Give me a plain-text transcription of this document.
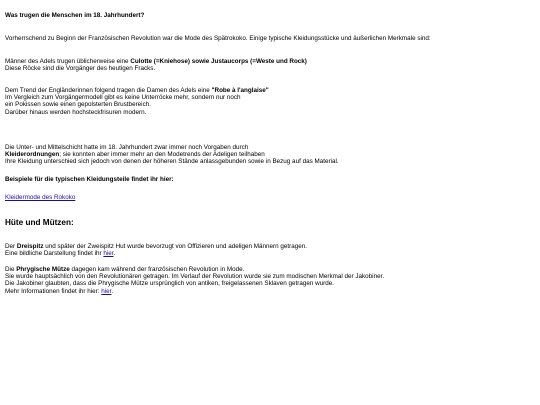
Was trugen die Menschen im 18. Jahrhundert?

Vorherrschend zu Beginn der Französischen Revolution war die Mode des Spätrokoko. Einige typische Kleidungsstücke und äußerlichen Merkmale sind:

Männer des Adels trugen üblicherweise eine Culotte (=Kniehose) sowie Justaucorps (=Weste und Rock)

Diese Röcke sind die Vorgänger des heutigen Fracks.

Dem Trend der Engländerinnen folgend tragen die Damen des Adels eine "Robe à l'anglaise"

Im Vergleich zum Vorgängermodell gibt es keine Unterröcke mehr, sondern nur noch

ein Pokissen sowie einen gepolsterten Brustbereich.

Darüber hinaus werden hochsteckfrisuren modern.

Die Unter- und Mittelschicht hatte im 18. Jahrhundert zwar immer noch Vorgaben durch

Kleiderordnungen; sie konnten aber immer mehr an den Modetrends der Adeligen teilhaben

Ihre Kleidung unterschied sich jedoch von denen der höheren Stände anlassgebunden sowie in Bezug auf das Material.

Beispiele für die typischen Kleidungsteile findet ihr hier:

Kleidermode des Rokoko

Hüte und Mützen:

Der Dreispitz und später der Zweispitz Hut wurde bevorzugt von Offizieren und adeligen Männern getragen.

Eine bildliche Darstellung findet ihr hier.

Die Phrygische Mütze dagegen kam während der französischen Revolution in Mode.

Sie wurde hauptsächlich von den Revolutionären getragen. Im Verlauf der Revolution wurde sie zum modischen Merkmal der Jakobiner.

Die Jakobiner glaubten, dass die Phrygische Mütze ursprünglich von antiken, freigelassenen Sklaven getragen wurde.

Mehr Informationen findet ihr hier: hier.
